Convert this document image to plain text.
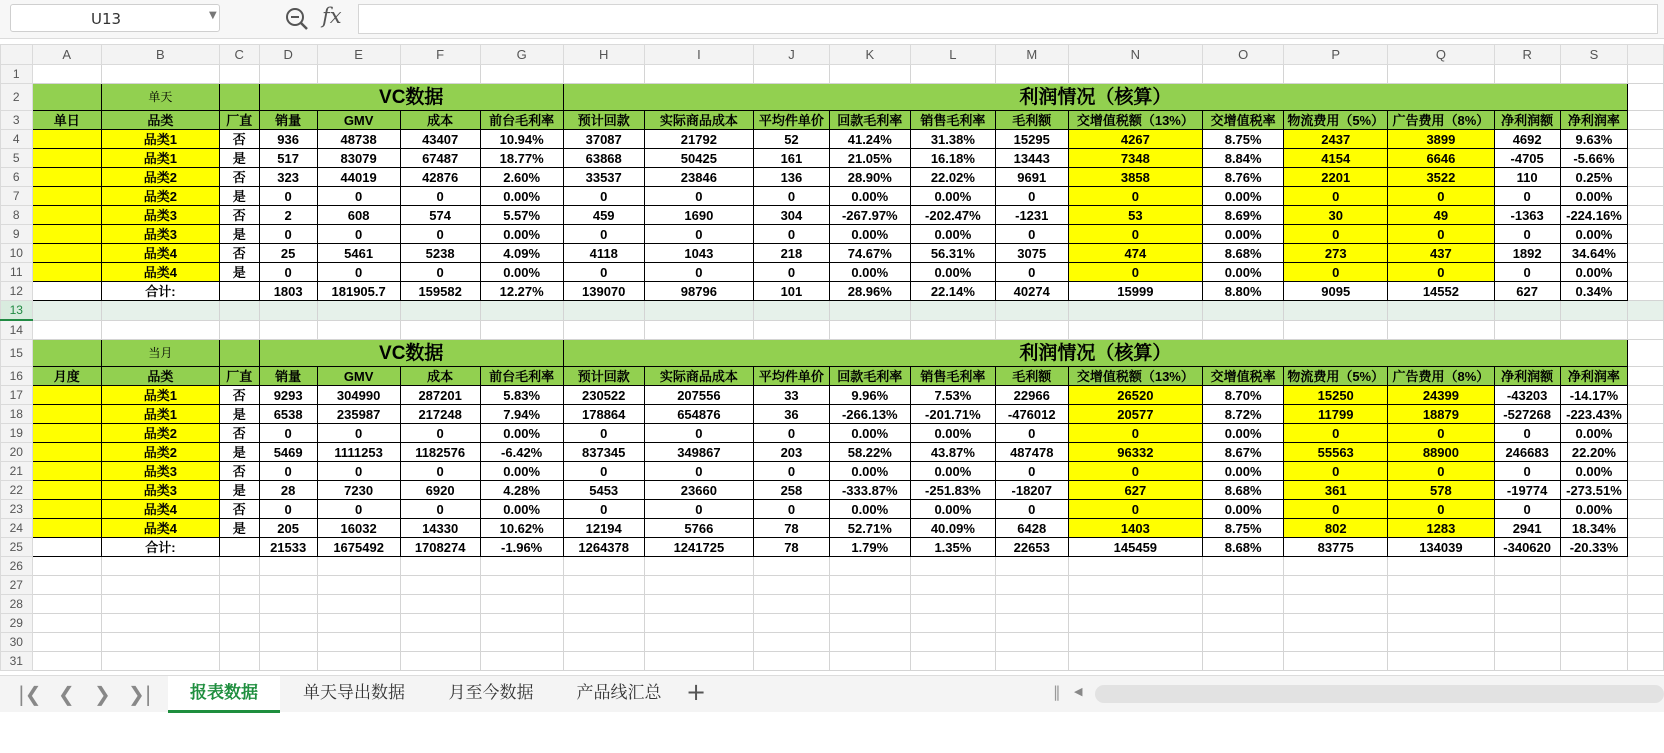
U13	▼	fx
	A	B	C	D	E	F	G	H	I	J	K	L	M	N	O	P	Q	R	S	
1																				
2		单天		VC数据				利润情况（核算）												
3	单日	品类	厂直	销量	GMV	成本	前台毛利率	预计回款	实际商品成本	平均件单价	回款毛利率	销售毛利率	毛利额	交增值税额（13%）	交增值税率	物流费用（5%）	广告费用（8%）	净利润额	净利润率	
4		品类1	否	936	48738	43407	10.94%	37087	21792	52	41.24%	31.38%	15295	4267	8.75%	2437	3899	4692	9.63%	
5		品类1	是	517	83079	67487	18.77%	63868	50425	161	21.05%	16.18%	13443	7348	8.84%	4154	6646	-4705	-5.66%	
6		品类2	否	323	44019	42876	2.60%	33537	23846	136	28.90%	22.02%	9691	3858	8.76%	2201	3522	110	0.25%	
7		品类2	是	0	0	0	0.00%	0	0	0	0.00%	0.00%	0	0	0.00%	0	0	0	0.00%	
8		品类3	否	2	608	574	5.57%	459	1690	304	-267.97%	-202.47%	-1231	53	8.69%	30	49	-1363	-224.16%	
9		品类3	是	0	0	0	0.00%	0	0	0	0.00%	0.00%	0	0	0.00%	0	0	0	0.00%	
10		品类4	否	25	5461	5238	4.09%	4118	1043	218	74.67%	56.31%	3075	474	8.68%	273	437	1892	34.64%	
11		品类4	是	0	0	0	0.00%	0	0	0	0.00%	0.00%	0	0	0.00%	0	0	0	0.00%	
12		合计:		1803	181905.7	159582	12.27%	139070	98796	101	28.96%	22.14%	40274	15999	8.80%	9095	14552	627	0.34%	
13																				
14																				
15		当月		VC数据				利润情况（核算）												
16	月度	品类	厂直	销量	GMV	成本	前台毛利率	预计回款	实际商品成本	平均件单价	回款毛利率	销售毛利率	毛利额	交增值税额（13%）	交增值税率	物流费用（5%）	广告费用（8%）	净利润额	净利润率	
17		品类1	否	9293	304990	287201	5.83%	230522	207556	33	9.96%	7.53%	22966	26520	8.70%	15250	24399	-43203	-14.17%	
18		品类1	是	6538	235987	217248	7.94%	178864	654876	36	-266.13%	-201.71%	-476012	20577	8.72%	11799	18879	-527268	-223.43%	
19		品类2	否	0	0	0	0.00%	0	0	0	0.00%	0.00%	0	0	0.00%	0	0	0	0.00%	
20		品类2	是	5469	1111253	1182576	-6.42%	837345	349867	203	58.22%	43.87%	487478	96332	8.67%	55563	88900	246683	22.20%	
21		品类3	否	0	0	0	0.00%	0	0	0	0.00%	0.00%	0	0	0.00%	0	0	0	0.00%	
22		品类3	是	28	7230	6920	4.28%	5453	23660	258	-333.87%	-251.83%	-18207	627	8.68%	361	578	-19774	-273.51%	
23		品类4	否	0	0	0	0.00%	0	0	0	0.00%	0.00%	0	0	0.00%	0	0	0	0.00%	
24		品类4	是	205	16032	14330	10.62%	12194	5766	78	52.71%	40.09%	6428	1403	8.75%	802	1283	2941	18.34%	
25		合计:		21533	1675492	1708274	-1.96%	1264378	1241725	78	1.79%	1.35%	22653	145459	8.68%	83775	134039	-340620	-20.33%	
26																				
27																				
28																				
29																				
30																				
31																				
|❮ ❮ ❯ ❯|	报表数据	单天导出数据	月至今数据	产品线汇总	+	‖ ◀
